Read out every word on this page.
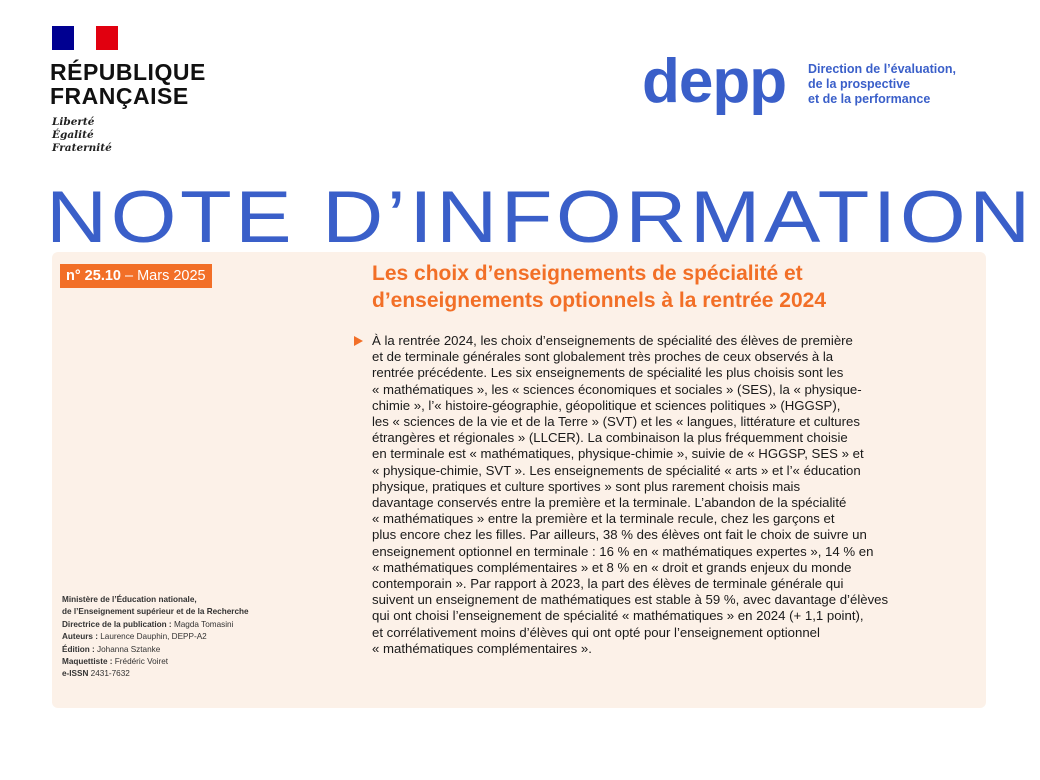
RÉPUBLIQUE
FRANÇAISE
Liberté
Égalité
Fraternité
depp Direction de l’évaluation,
de la prospective
et de la performance
NOTE D’INFORMATION
n° 25.10 – Mars 2025	Les choix d’enseignements de spécialité et
d’enseignements optionnels à la rentrée 2024
À la rentrée 2024, les choix d’enseignements de spécialité des élèves de première
et de terminale générales sont globalement très proches de ceux observés à la
rentrée précédente. Les six enseignements de spécialité les plus choisis sont les
« mathématiques », les « sciences économiques et sociales » (SES), la « physique-
chimie », l’« histoire-géographie, géopolitique et sciences politiques » (HGGSP),
les « sciences de la vie et de la Terre » (SVT) et les « langues, littérature et cultures
étrangères et régionales » (LLCER). La combinaison la plus fréquemment choisie
en terminale est « mathématiques, physique-chimie », suivie de « HGGSP, SES » et
« physique-chimie, SVT ». Les enseignements de spécialité « arts » et l’« éducation
physique, pratiques et culture sportives » sont plus rarement choisis mais
davantage conservés entre la première et la terminale. L’abandon de la spécialité
« mathématiques » entre la première et la terminale recule, chez les garçons et
plus encore chez les filles. Par ailleurs, 38 % des élèves ont fait le choix de suivre un
enseignement optionnel en terminale : 16 % en « mathématiques expertes », 14 % en
« mathématiques complémentaires » et 8 % en « droit et grands enjeux du monde
contemporain ». Par rapport à 2023, la part des élèves de terminale générale qui
suivent un enseignement de mathématiques est stable à 59 %, avec davantage d’élèves
qui ont choisi l’enseignement de spécialité « mathématiques » en 2024 (+ 1,1 point),
et corrélativement moins d’élèves qui ont opté pour l’enseignement optionnel
« mathématiques complémentaires ».
Ministère de l’Éducation nationale,
de l’Enseignement supérieur et de la Recherche
Directrice de la publication : Magda Tomasini
Auteurs : Laurence Dauphin, DEPP-A2
Édition : Johanna Sztanke
Maquettiste : Frédéric Voiret
e-ISSN 2431-7632
